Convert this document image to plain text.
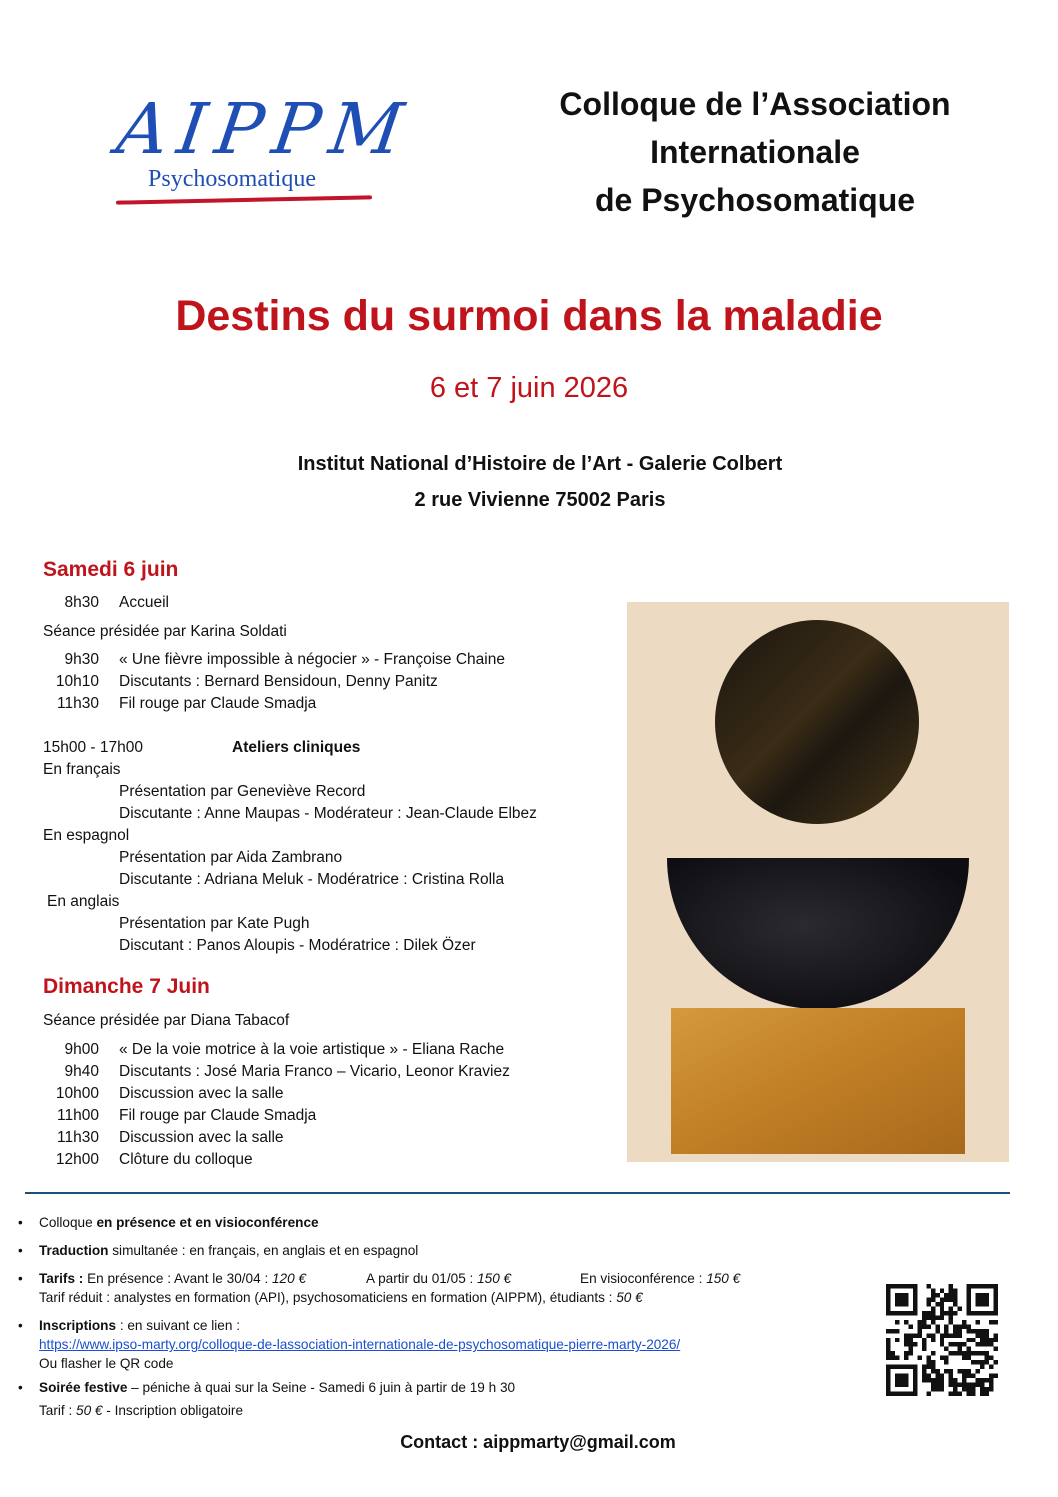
AIPPM
Psychosomatique
Colloque de l’Association
Internationale
de Psychosomatique
Destins du surmoi dans la maladie
6 et 7 juin 2026
Institut National d’Histoire de l’Art - Galerie Colbert
2 rue Vivienne 75002 Paris
Samedi 6 juin
8h30 Accueil
Séance présidée par Karina Soldati
9h30 « Une fièvre impossible à négocier » - Françoise Chaine
10h10 Discutants : Bernard Bensidoun, Denny Panitz
11h30 Fil rouge par Claude Smadja
15h00 - 17h00	Ateliers cliniques
En français
Présentation par Geneviève Record
Discutante : Anne Maupas - Modérateur : Jean-Claude Elbez
En espagnol
Présentation par Aida Zambrano
Discutante : Adriana Meluk - Modératrice : Cristina Rolla
En anglais
Présentation par Kate Pugh
Discutant : Panos Aloupis - Modératrice : Dilek Özer
Dimanche 7 Juin
Séance présidée par Diana Tabacof
9h00 « De la voie motrice à la voie artistique » - Eliana Rache
9h40 Discutants : José Maria Franco – Vicario, Leonor Kraviez
10h00 Discussion avec la salle
11h00 Fil rouge par Claude Smadja
11h30 Discussion avec la salle
12h00 Clôture du colloque
• Colloque en présence et en visioconférence
• Traduction simultanée : en français, en anglais et en espagnol
• Tarifs : En présence : Avant le 30/04 : 120 €	A partir du 01/05 : 150 €	En visioconférence : 150 €
Tarif réduit : analystes en formation (API), psychosomaticiens en formation (AIPPM), étudiants : 50 €
• Inscriptions : en suivant ce lien :
https://www.ipso-marty.org/colloque-de-lassociation-internationale-de-psychosomatique-pierre-marty-2026/
Ou flasher le QR code
• Soirée festive – péniche à quai sur la Seine - Samedi 6 juin à partir de 19 h 30
Tarif : 50 € - Inscription obligatoire
Contact : aippmarty@gmail.com
